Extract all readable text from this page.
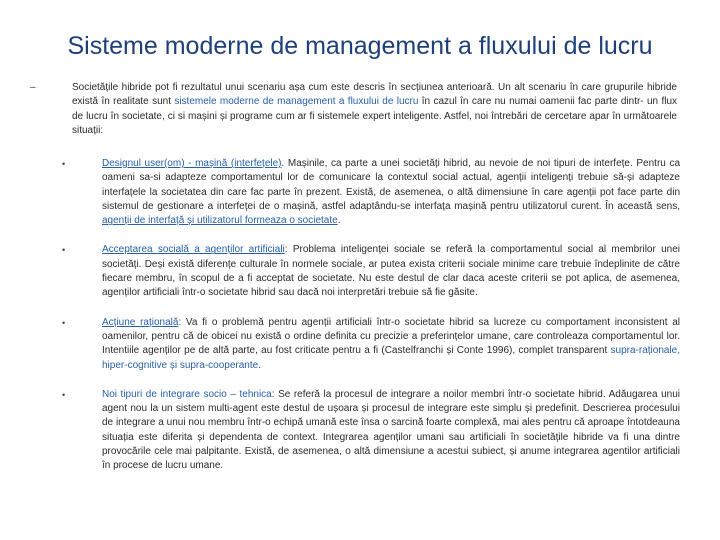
Sisteme moderne de management a fluxului de lucru
–	Societățile hibride pot fi rezultatul unui scenariu așa cum este descris în secțiunea anterioară. Un alt scenariu în care grupurile hibride există în realitate sunt sistemele moderne de management a fluxului de lucru în cazul în care nu numai oamenii fac parte dintr- un flux de lucru în societate, ci si mașini și programe cum ar fi sistemele expert inteligente. Astfel, noi întrebări de cercetare apar în următoarele situații:

•	Designul user(om) - mașină (interfețele). Mașinile, ca parte a unei societăți hibrid, au nevoie de noi tipuri de interfețe. Pentru ca oameni sa-si adapteze comportamentul lor de comunicare la contextul social actual, agenții inteligenți trebuie să-și adapteze interfațele la societatea din care fac parte în prezent. Există, de asemenea, o altă dimensiune în care agenții pot face parte din sistemul de gestionare a interfeței de o mașină, astfel adaptându-se interfața mașină pentru utilizatorul curent. În această sens, agenții de interfață și utilizatorul formeaza o societate.

•	Acceptarea socială a agenților artificiali: Problema inteligenței sociale se referă la comportamentul social al membrilor unei societăți. Deși există diferențe culturale în normele sociale, ar putea exista criterii sociale minime care trebuie îndeplinite de către fiecare membru, în scopul de a fi acceptat de societate. Nu este destul de clar daca aceste criterii se pot aplica, de asemenea, agenților artificiali într-o societate hibrid sau dacă noi interpretări trebuie să fie găsite.

•	Acțiune rațională: Va fi o problemă pentru agenții artificiali într-o societate hibrid sa lucreze cu comportament inconsistent al oamenilor, pentru că de obicei nu există o ordine definita cu precizie a preferințelor umane, care controleaza comportamentul lor. Intentiile agenților pe de altă parte, au fost criticate pentru a fi (Castelfranchi și Conte 1996), complet transparent supra-raționale, hiper-cognitive și supra-cooperante.

•	Noi tipuri de integrare socio – tehnica: Se referă la procesul de integrare a noilor membri într-o societate hibrid. Adăugarea unui agent nou la un sistem multi-agent este destul de ușoara și procesul de integrare este simplu și predefinit. Descrierea procesului de integrare a unui nou membru într-o echipă umană este însa o sarcină foarte complexă, mai ales pentru că aproape întotdeauna situația este diferita și dependenta de context. Integrarea agenților umani sau artificiali în societățile hibride va fi una dintre provocările cele mai palpitante. Există, de asemenea, o altă dimensiune a acestui subiect, și anume integrarea agentilor artificiali în procese de lucru umane.
